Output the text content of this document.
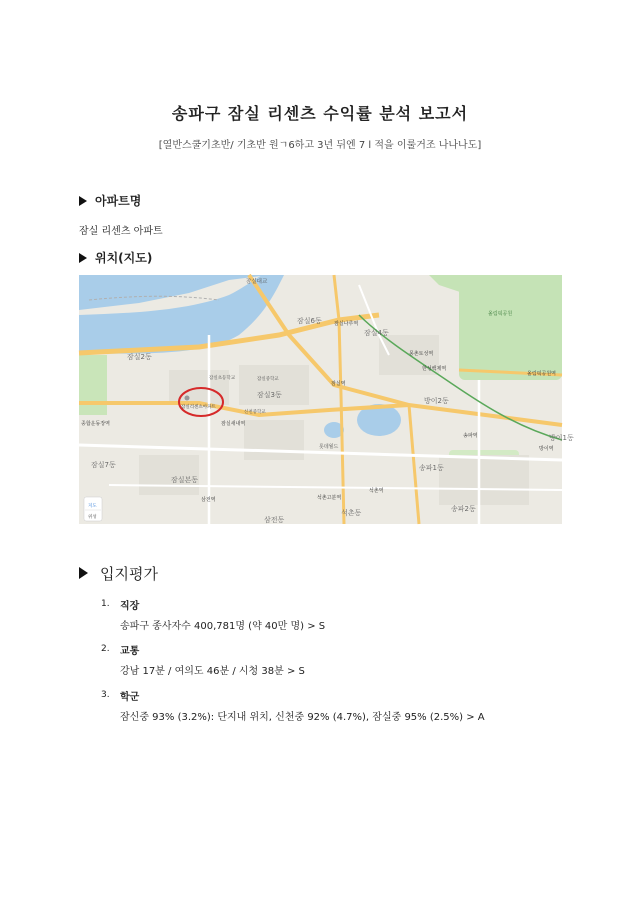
송파구 잠실 리센츠 수익률 분석 보고서
[열반스쿨기초반/ 기초반 원ㄱ6하고 3년 뒤엔 7 l 적을 이룰거조 나나나도]
아파트명
잠실 리센츠 아파트
위치(지도)
잠실대교
잠실6동
잠실4동
잠실2동
잠실3동
잠실7동
잠실본동
송파1동
송파2동
방이1동
방이2동
석촌동
삼전동
올림픽공원
롯데월드
잠실역
잠실새내역
종합운동장역
몽촌토성역
한성백제역
송파역
석촌역
삼전역	석촌고분역
잠실나루역
방이역
올림픽공원역
잠실초등학교
신천중학교
잠실중학교
잠실리센츠아파트
지도
위성
입지평가
1. 직장
송파구 종사자수 400,781명 (약 40만 명) > S
2. 교통
강남 17분 / 여의도 46분 / 시청 38분 > S
3. 학군
잠신중 93% (3.2%): 단지내 위치, 신천중 92% (4.7%), 잠실중 95% (2.5%) > A
